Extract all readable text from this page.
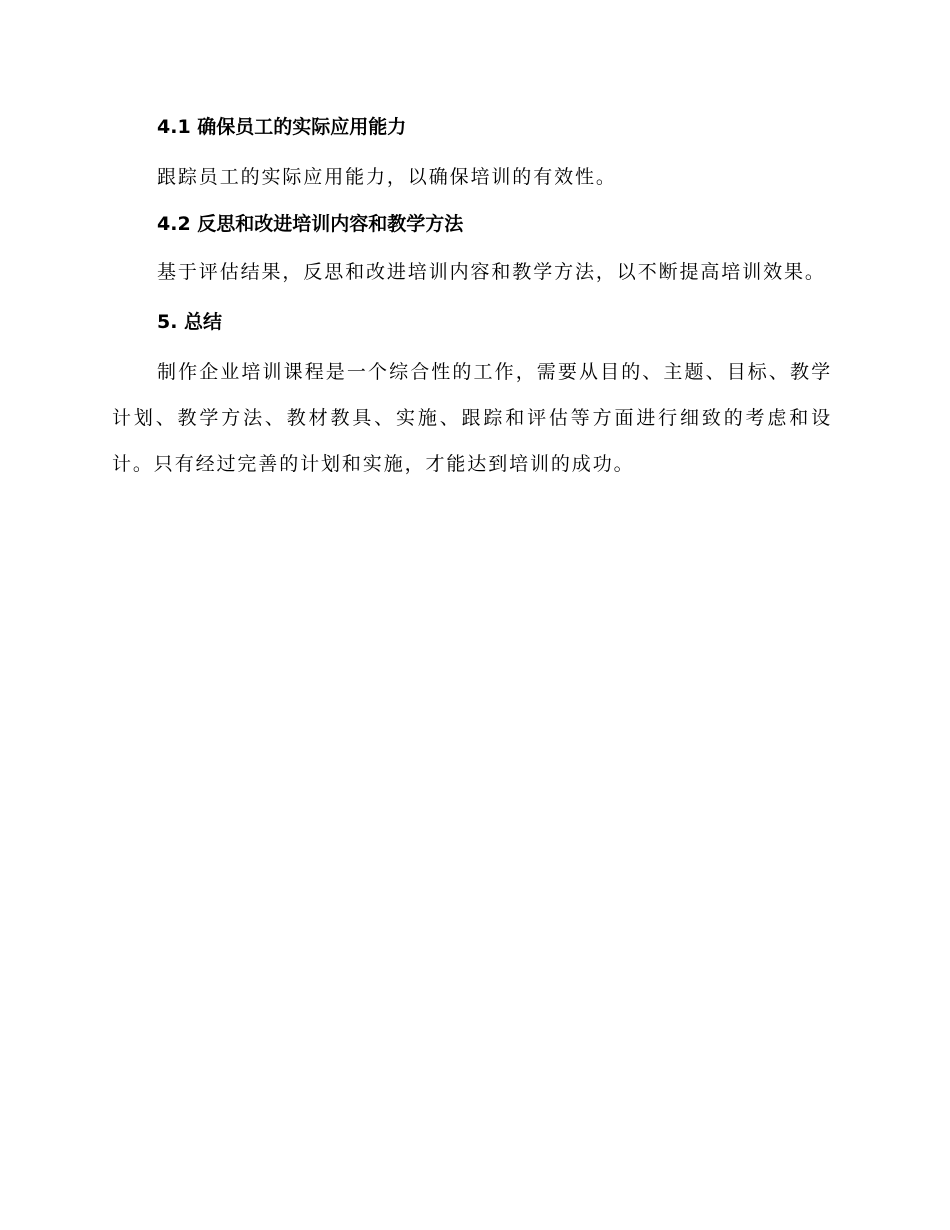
4.1 确保员工的实际应用能力

跟踪员工的实际应用能力，以确保培训的有效性。

4.2 反思和改进培训内容和教学方法

基于评估结果，反思和改进培训内容和教学方法，以不断提高培训效果。

5. 总结

制作企业培训课程是一个综合性的工作，需要从目的、主题、目标、教学计划、教学方法、教材教具、实施、跟踪和评估等方面进行细致的考虑和设计。只有经过完善的计划和实施，才能达到培训的成功。
